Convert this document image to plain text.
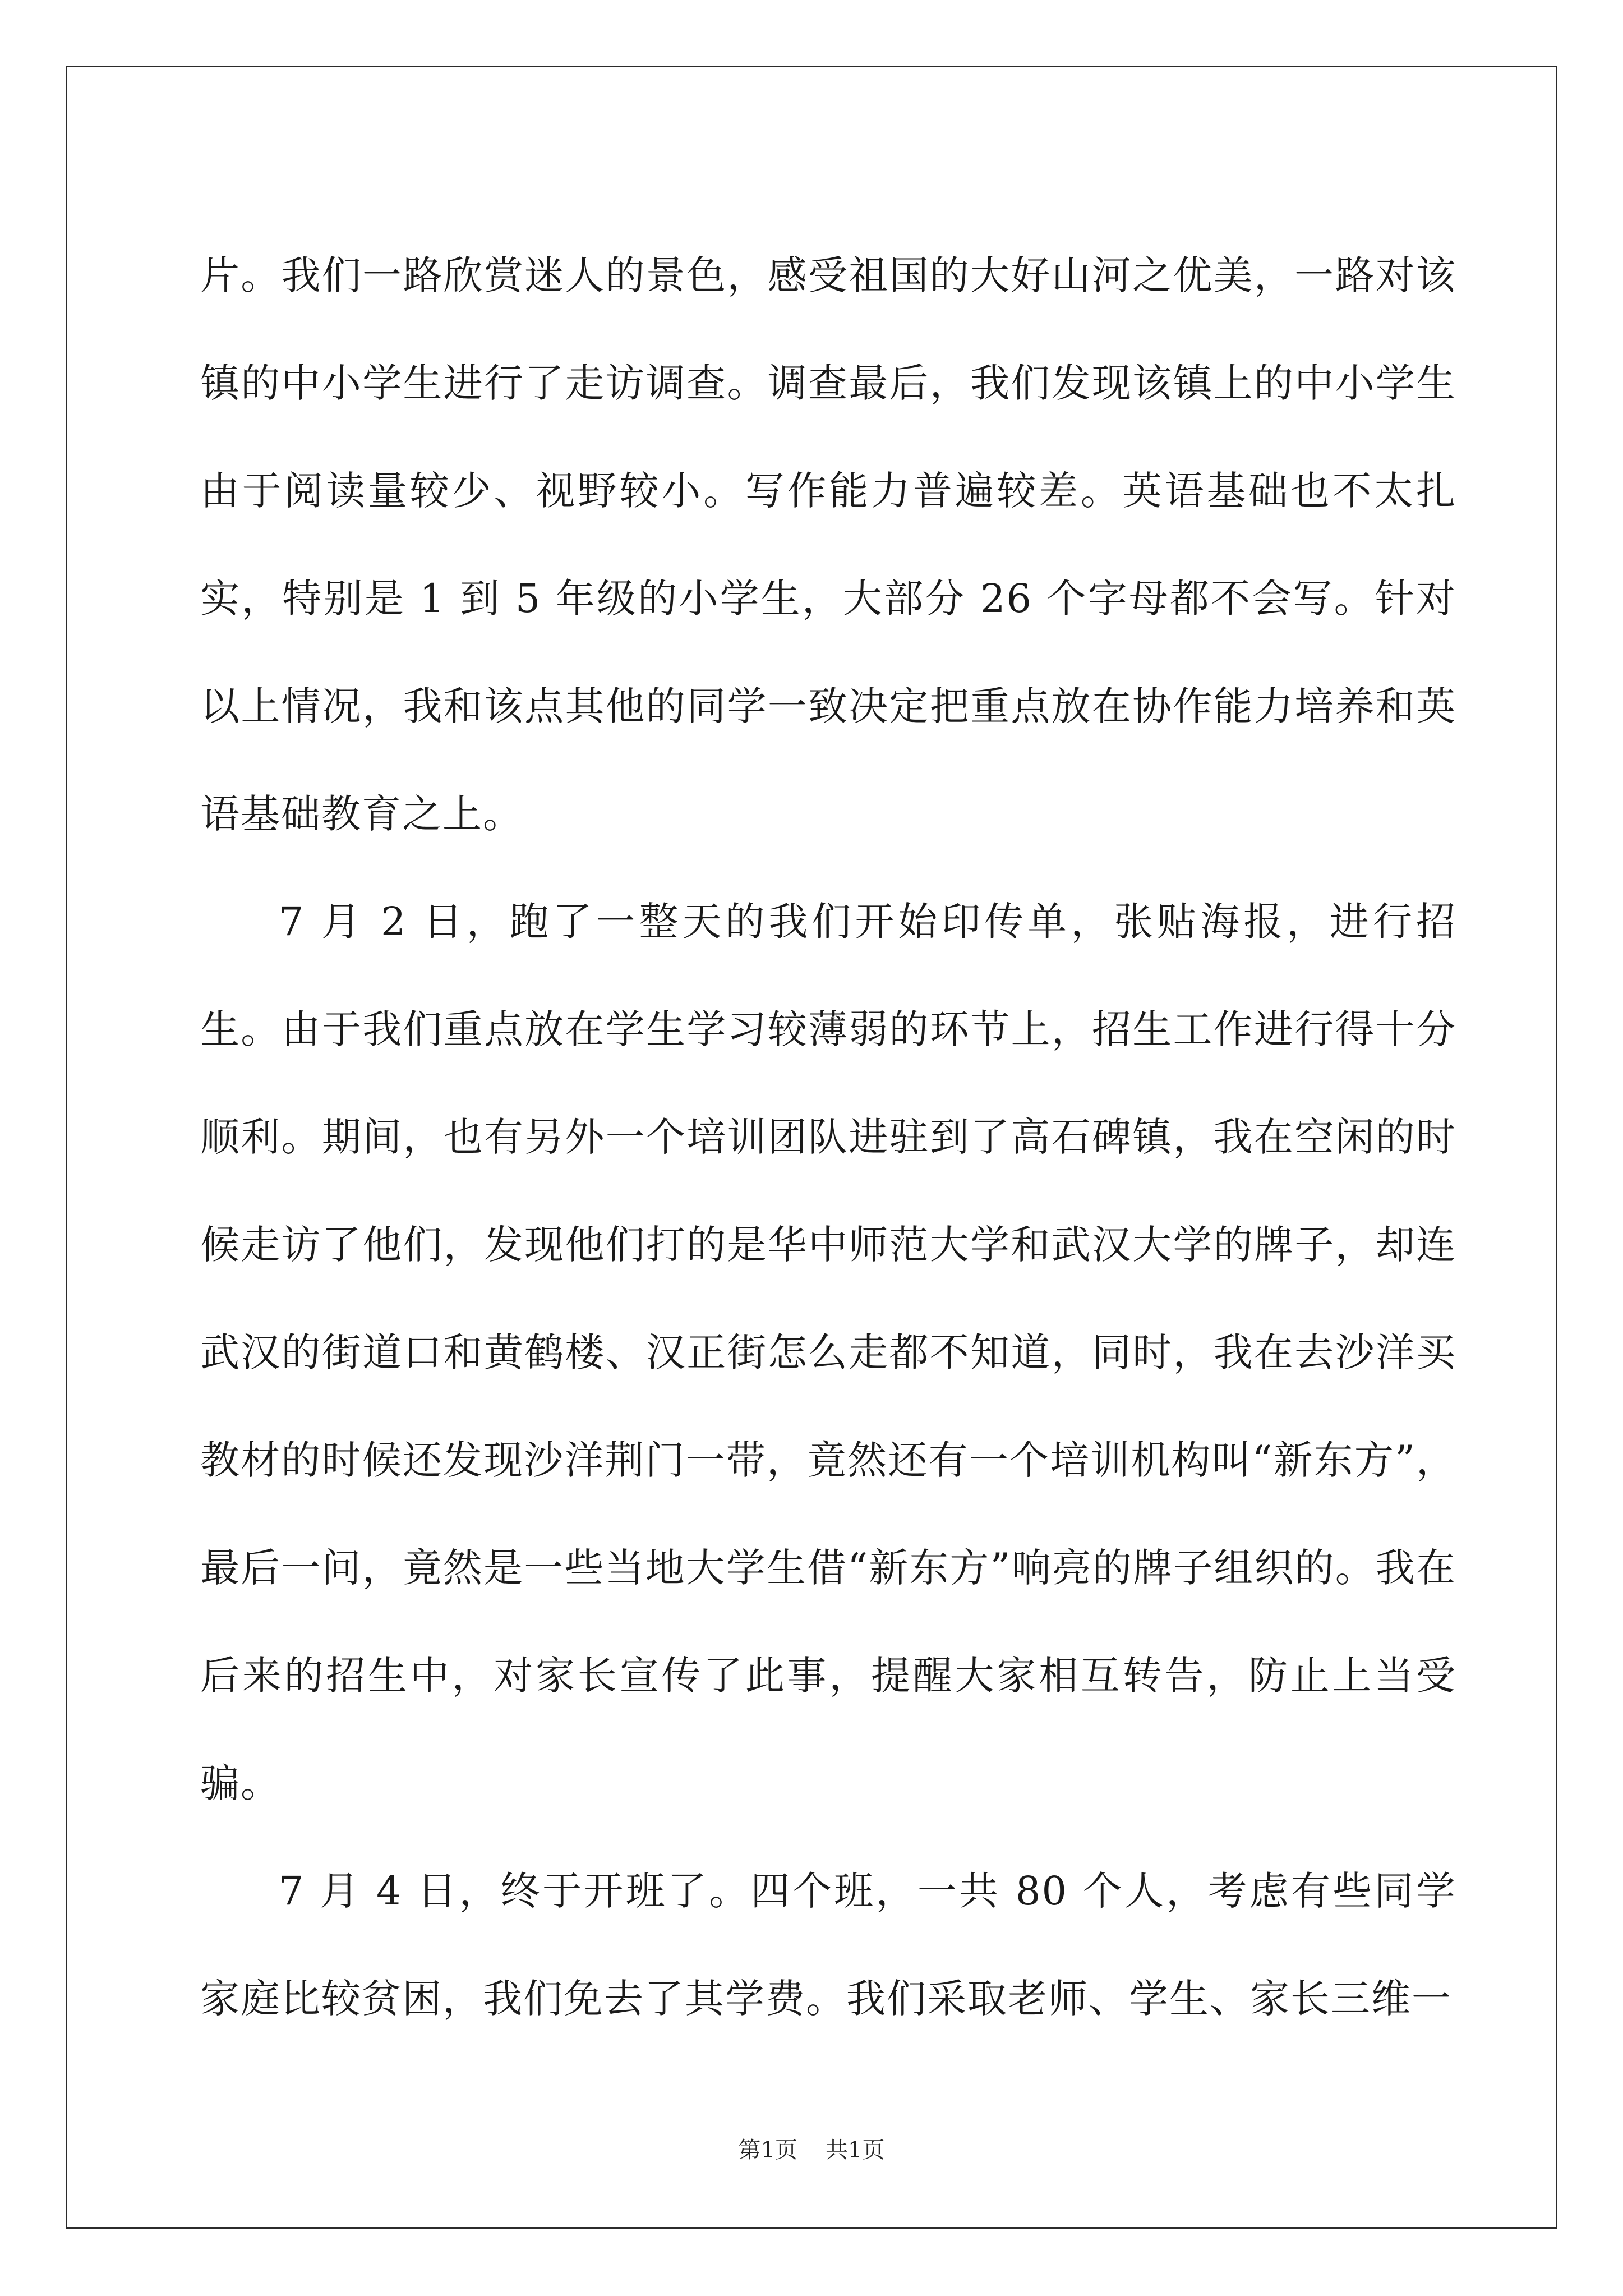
片。我们一路欣赏迷人的景色，感受祖国的大好山河之优美，一路对该镇的中小学生进行了走访调查。调查最后，我们发现该镇上的中小学生由于阅读量较少、视野较小。写作能力普遍较差。英语基础也不太扎实，特别是 1 到 5 年级的小学生，大部分 26 个字母都不会写。针对以上情况，我和该点其他的同学一致决定把重点放在协作能力培养和英语基础教育之上。

7 月 2 日，跑了一整天的我们开始印传单，张贴海报，进行招生。由于我们重点放在学生学习较薄弱的环节上，招生工作进行得十分顺利。期间，也有另外一个培训团队进驻到了高石碑镇，我在空闲的时候走访了他们，发现他们打的是华中师范大学和武汉大学的牌子，却连武汉的街道口和黄鹤楼、汉正街怎么走都不知道，同时，我在去沙洋买教材的时候还发现沙洋荆门一带，竟然还有一个培训机构叫“新东方”，最后一问，竟然是一些当地大学生借“新东方”响亮的牌子组织的。我在后来的招生中，对家长宣传了此事，提醒大家相互转告，防止上当受骗。

7 月 4 日，终于开班了。四个班，一共 80 个人，考虑有些同学家庭比较贫困，我们免去了其学费。我们采取老师、学生、家长三维一

第1页 共1页
